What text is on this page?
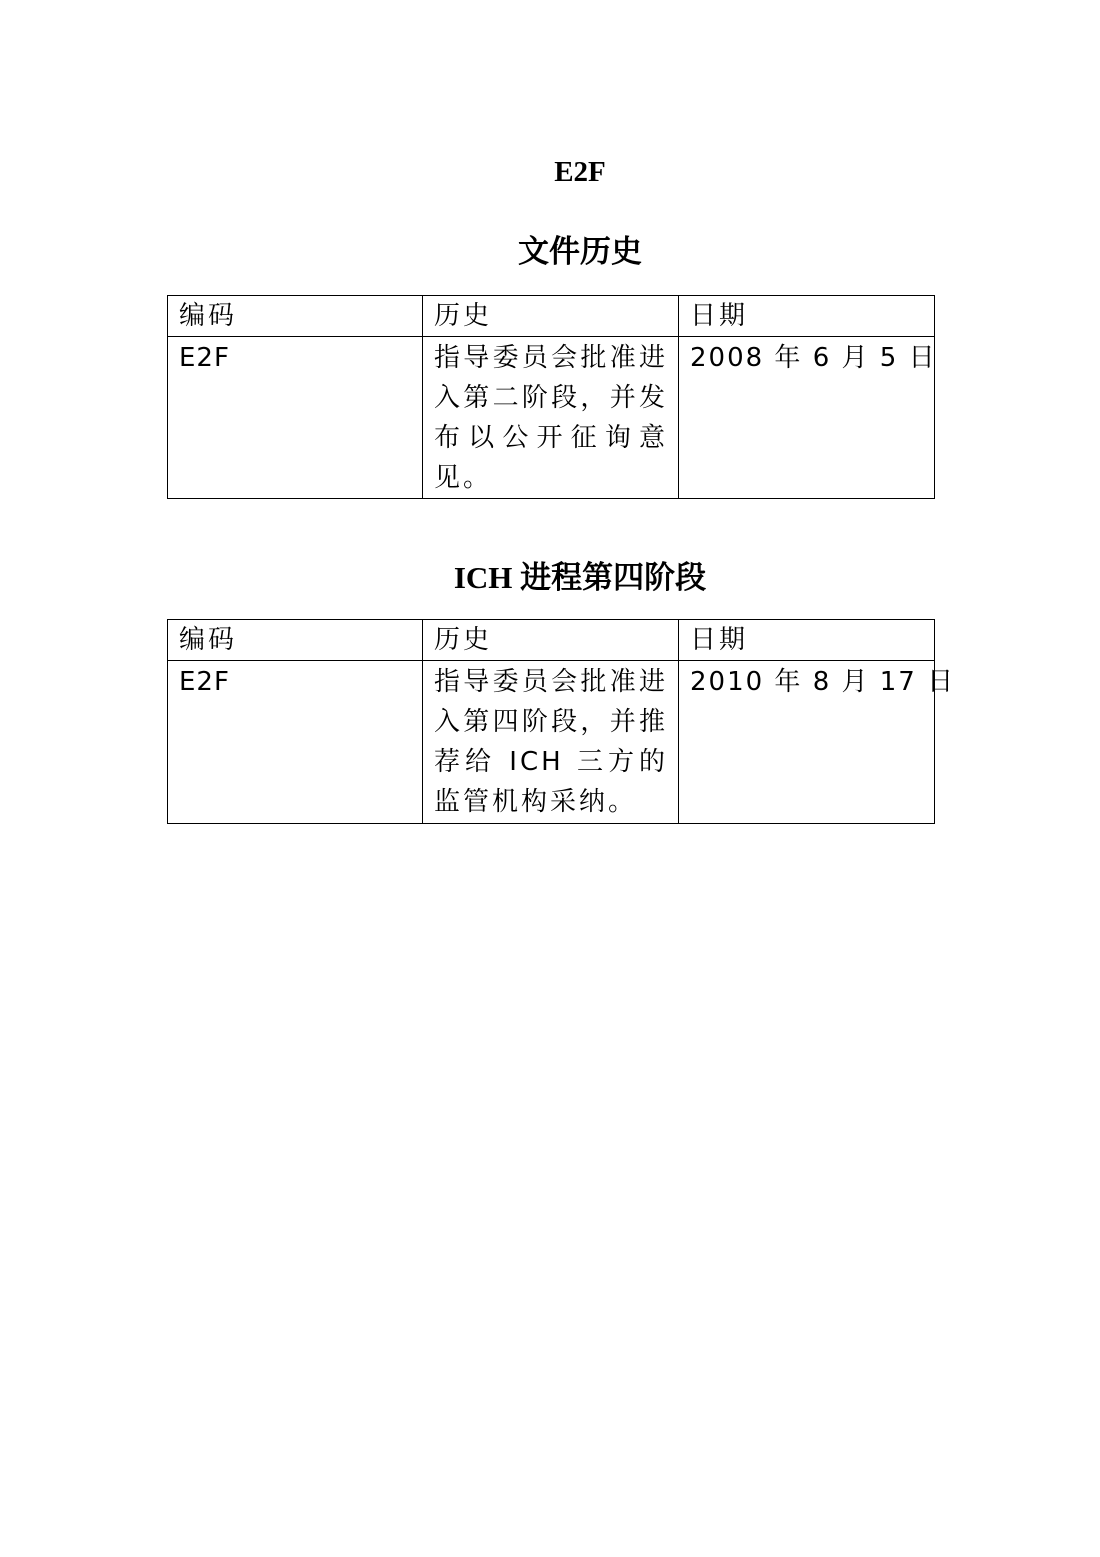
E2F
文件历史
编码	历史	日期
E2F	指导委员会批准进入第二阶段，并发布以公开征询意见。	2008 年 6 月 5 日
ICH 进程第四阶段
编码	历史	日期
E2F	指导委员会批准进入第四阶段，并推荐给 ICH 三方的监管机构采纳。	2010 年 8 月 17 日
